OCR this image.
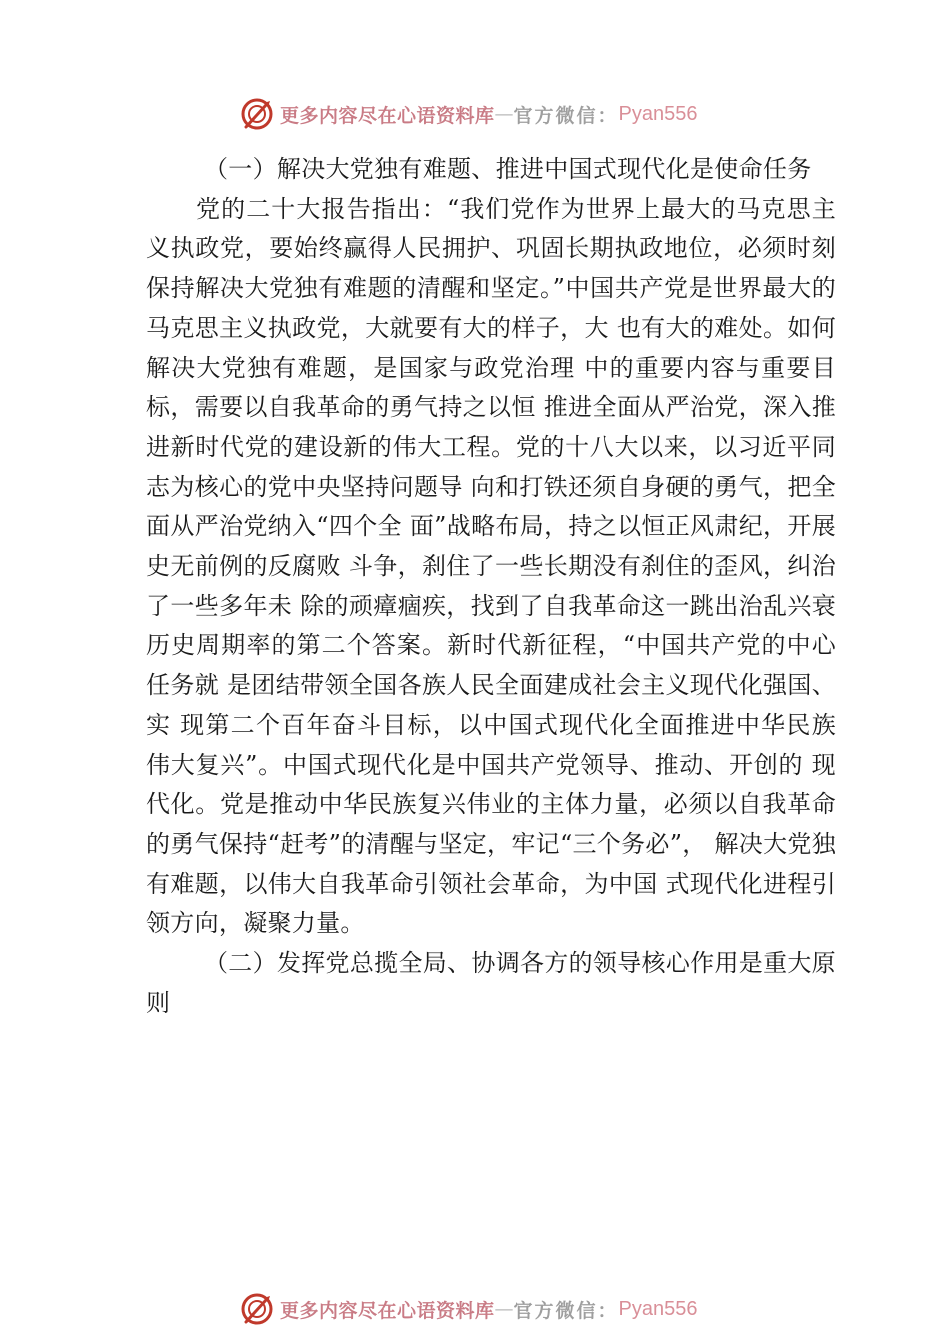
更多内容尽在心语资料库 — 官方微信： Pyan556

（一）解决大党独有难题、推进中国式现代化是使命任务

党的二十大报告指出：“我们党作为世界上最大的马克思主义执政党，要始终赢得人民拥护、巩固长期执政地位，必须时刻保持解决大党独有难题的清醒和坚定。”中国共产党是世界最大的马克思主义执政党，大就要有大的样子，大 也有大的难处。如何解决大党独有难题，是国家与政党治理 中的重要内容与重要目标，需要以自我革命的勇气持之以恒 推进全面从严治党，深入推进新时代党的建设新的伟大工程。党的十八大以来，以习近平同志为核心的党中央坚持问题导 向和打铁还须自身硬的勇气，把全面从严治党纳入“四个全 面”战略布局，持之以恒正风肃纪，开展史无前例的反腐败 斗争，刹住了一些长期没有刹住的歪风，纠治了一些多年未 除的顽瘴痼疾，找到了自我革命这一跳出治乱兴衰历史周期率的第二个答案。新时代新征程，“中国共产党的中心任务就 是团结带领全国各族人民全面建成社会主义现代化强国、实 现第二个百年奋斗目标，以中国式现代化全面推进中华民族 伟大复兴”。中国式现代化是中国共产党领导、推动、开创的 现代化。党是推动中华民族复兴伟业的主体力量，必须以自我革命的勇气保持“赶考”的清醒与坚定，牢记“三个务必”， 解决大党独有难题，以伟大自我革命引领社会革命，为中国 式现代化进程引领方向，凝聚力量。

（二）发挥党总揽全局、协调各方的领导核心作用是重大原则

更多内容尽在心语资料库 — 官方微信： Pyan556
